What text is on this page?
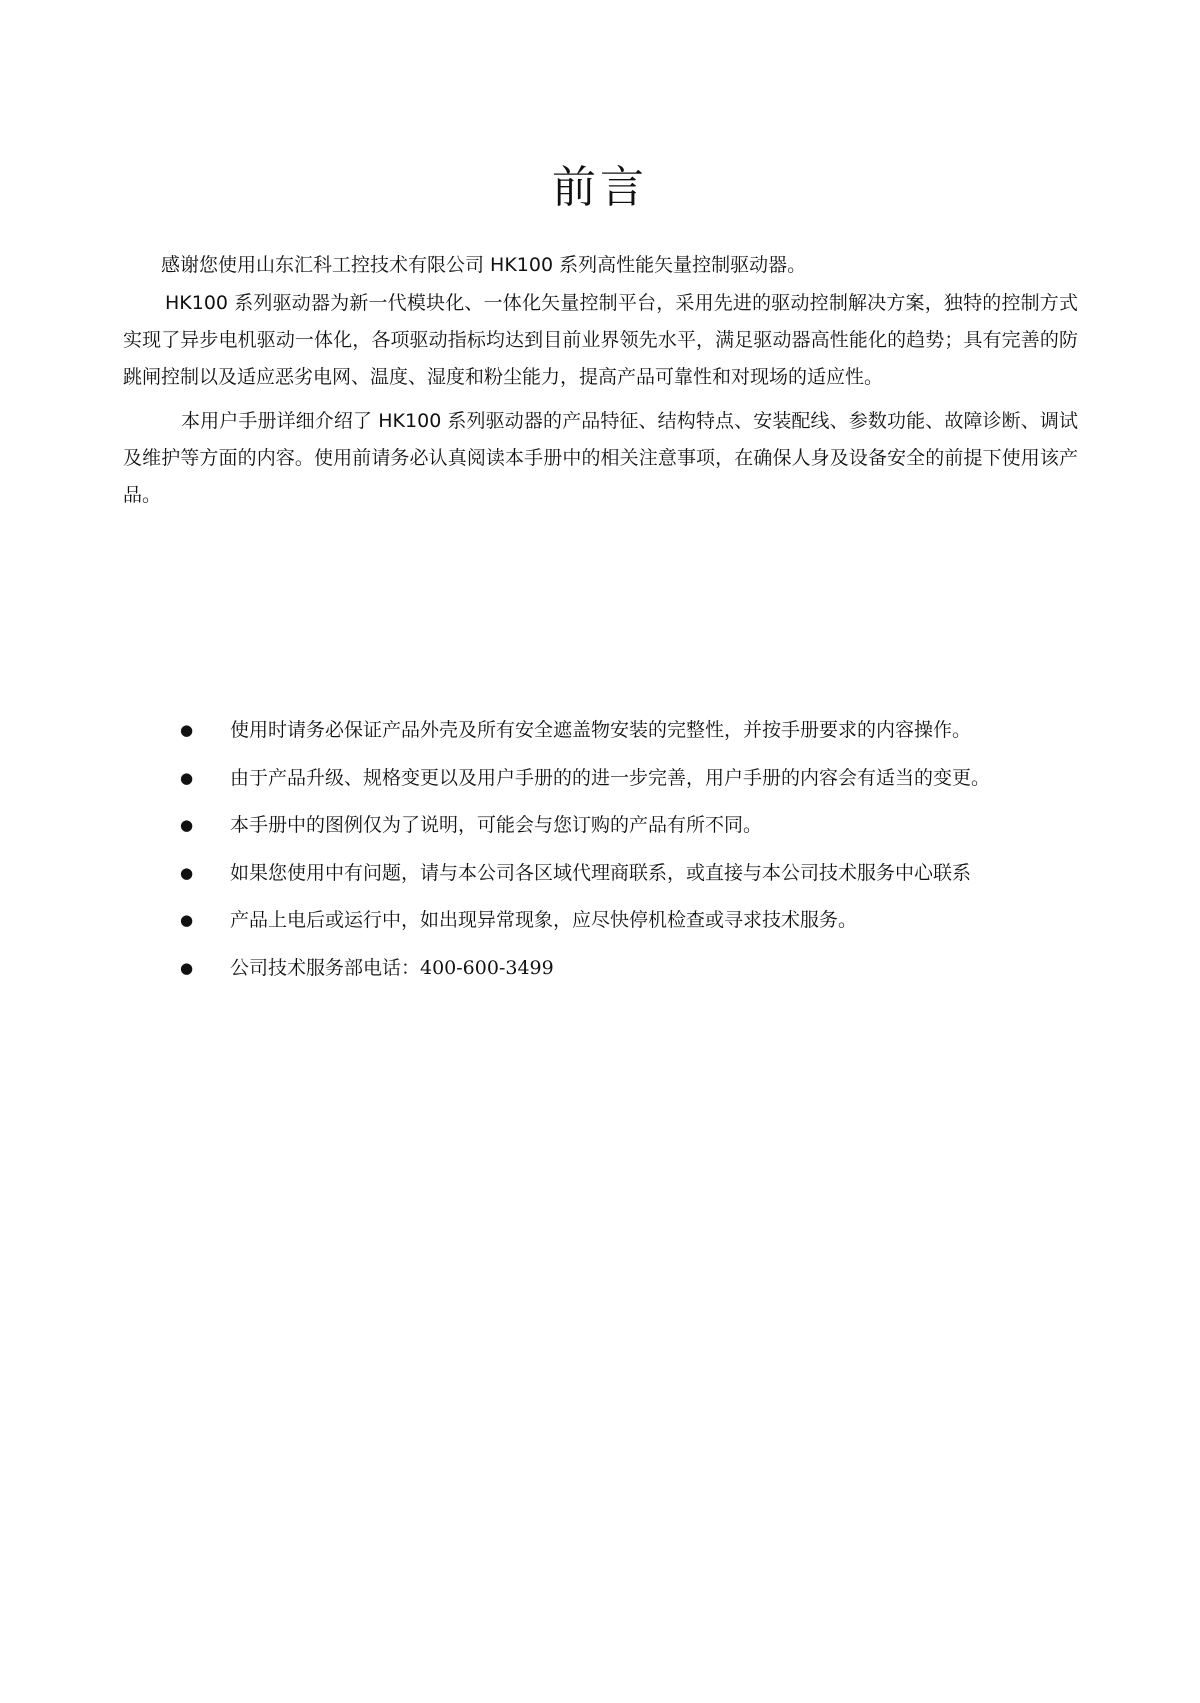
前言

感谢您使用山东汇科工控技术有限公司 HK100 系列高性能矢量控制驱动器。

HK100 系列驱动器为新一代模块化、一体化矢量控制平台，采用先进的驱动控制解决方案，独特的控制方式实现了异步电机驱动一体化，各项驱动指标均达到目前业界领先水平，满足驱动器高性能化的趋势；具有完善的防跳闸控制以及适应恶劣电网、温度、湿度和粉尘能力，提高产品可靠性和对现场的适应性。

本用户手册详细介绍了 HK100 系列驱动器的产品特征、结构特点、安装配线、参数功能、故障诊断、调试及维护等方面的内容。使用前请务必认真阅读本手册中的相关注意事项，在确保人身及设备安全的前提下使用该产品。

● 使用时请务必保证产品外壳及所有安全遮盖物安装的完整性，并按手册要求的内容操作。
● 由于产品升级、规格变更以及用户手册的的进一步完善，用户手册的内容会有适当的变更。
● 本手册中的图例仅为了说明，可能会与您订购的产品有所不同。
● 如果您使用中有问题，请与本公司各区域代理商联系，或直接与本公司技术服务中心联系
● 产品上电后或运行中，如出现异常现象，应尽快停机检查或寻求技术服务。
● 公司技术服务部电话：400-600-3499
